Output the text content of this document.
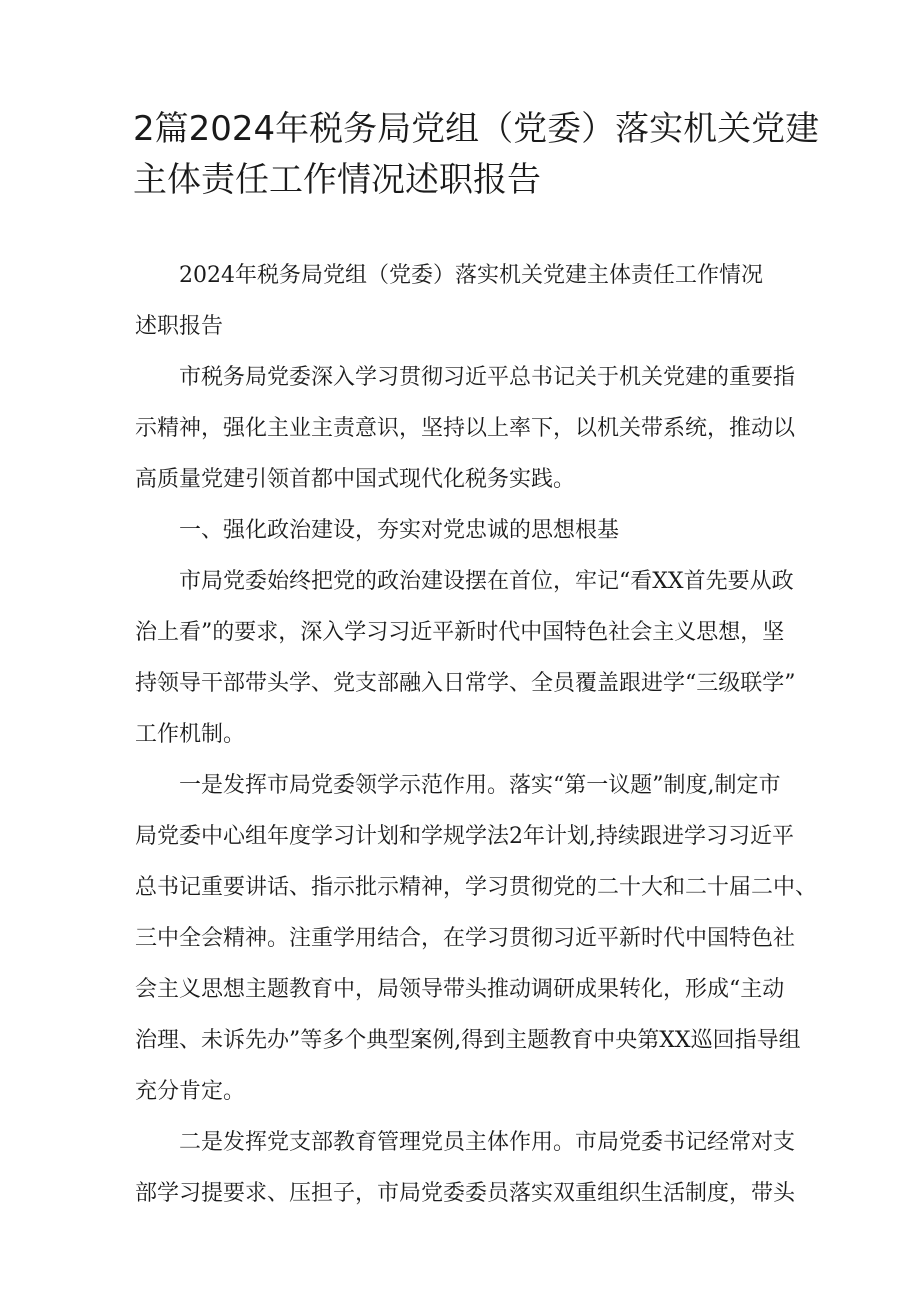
2篇2024年税务局党组（党委）落实机关党建
主体责任工作情况述职报告
2024年税务局党组（党委）落实机关党建主体责任工作情况
述职报告
市税务局党委深入学习贯彻习近平总书记关于机关党建的重要指
示精神，强化主业主责意识，坚持以上率下，以机关带系统，推动以
高质量党建引领首都中国式现代化税务实践。
一、强化政治建设，夯实对党忠诚的思想根基
市局党委始终把党的政治建设摆在首位，牢记“看XX首先要从政
治上看”的要求，深入学习习近平新时代中国特色社会主义思想，坚
持领导干部带头学、党支部融入日常学、全员覆盖跟进学“三级联学”
工作机制。
一是发挥市局党委领学示范作用。落实“第一议题”制度,制定市
局党委中心组年度学习计划和学规学法2年计划,持续跟进学习习近平
总书记重要讲话、指示批示精神，学习贯彻党的二十大和二十届二中、
三中全会精神。注重学用结合，在学习贯彻习近平新时代中国特色社
会主义思想主题教育中，局领导带头推动调研成果转化，形成“主动
治理、未诉先办”等多个典型案例,得到主题教育中央第XX巡回指导组
充分肯定。
二是发挥党支部教育管理党员主体作用。市局党委书记经常对支
部学习提要求、压担子，市局党委委员落实双重组织生活制度，带头
